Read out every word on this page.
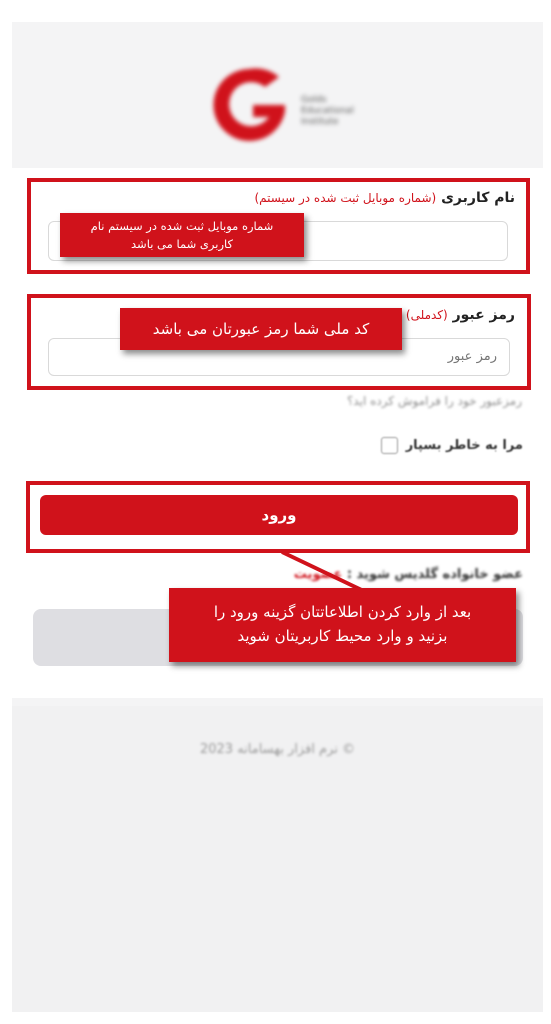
Golds
Educational
Institute
نام کاربری (شماره موبایل ثبت شده در سیستم)
شماره موبایل ثبت شده در سیستم نام
کاربری شما می باشد
رمز عبور (کدملی)
رمز عبور
کد ملی شما رمز عبورتان می باشد
رمزعبور خود را فراموش کرده اید؟
مرا به خاطر بسپار
ورود
عضو خانواده گلدیس شوید : عضویت
بعد از وارد کردن اطلاعاتتان گزینه ورود را
بزنید و وارد محیط کاربریتان شوید
نرم افزار بهسامانه 2023 ©
